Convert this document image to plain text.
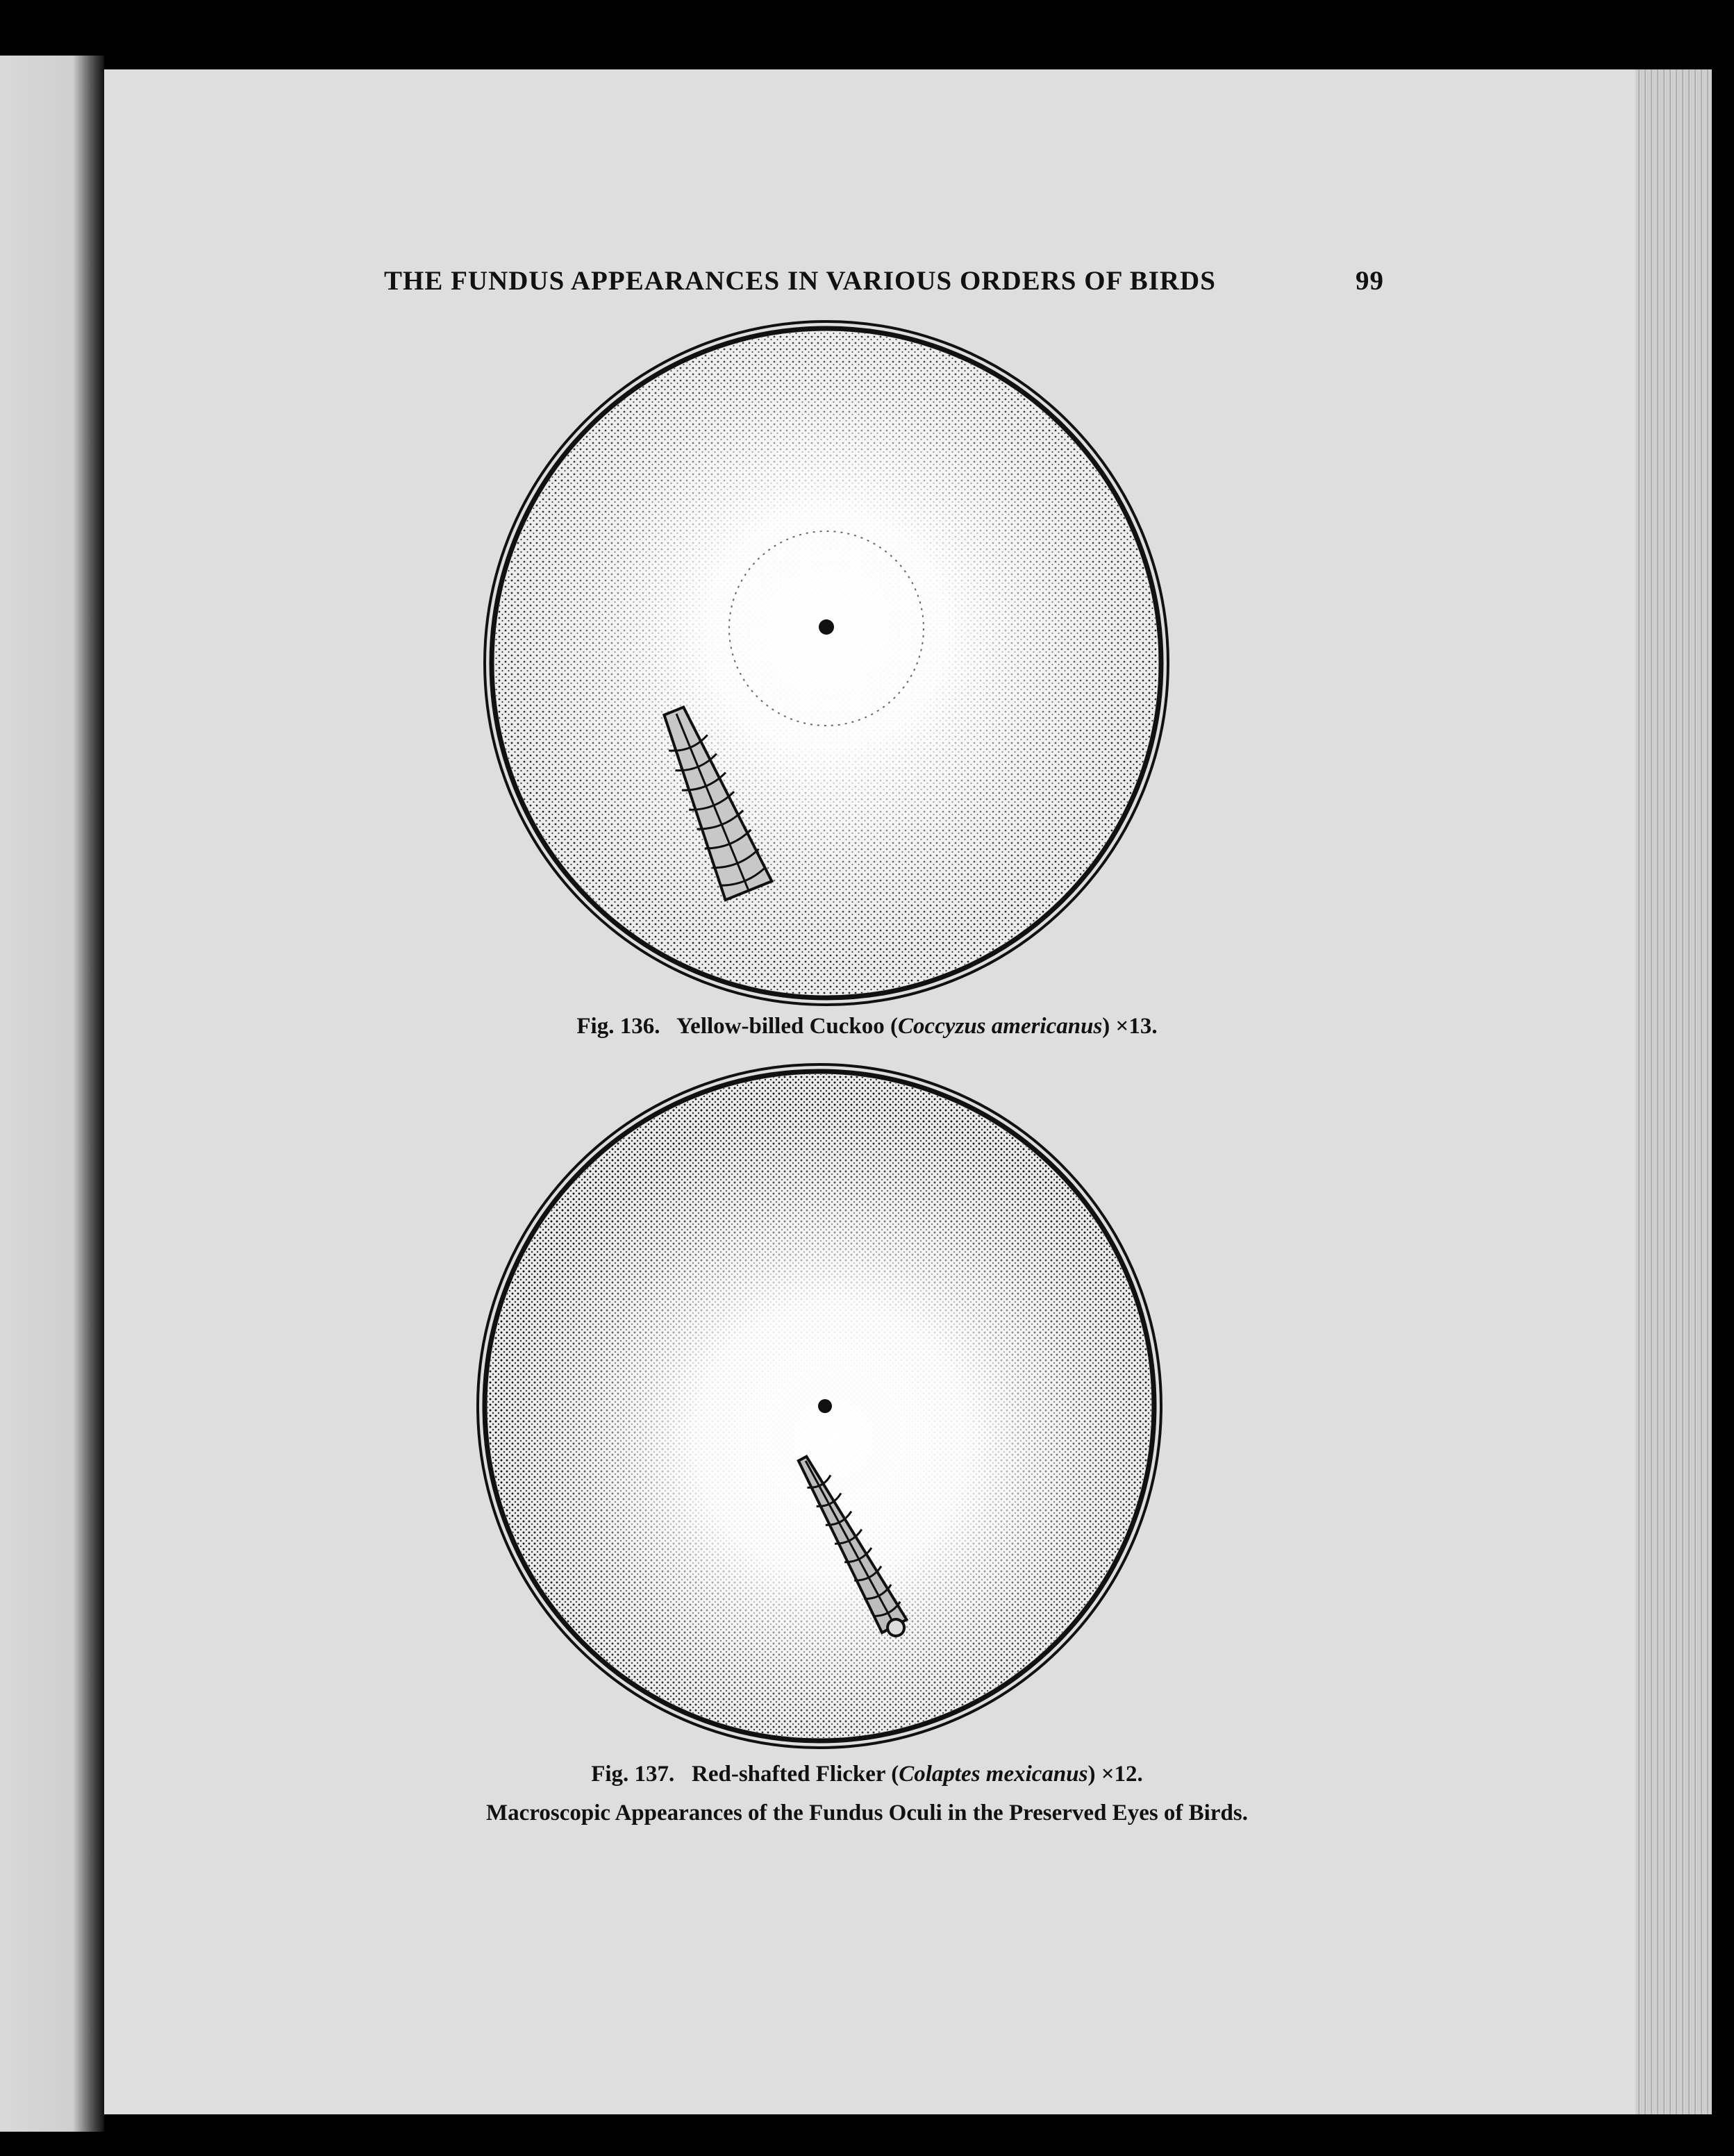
THE FUNDUS APPEARANCES IN VARIOUS ORDERS OF BIRDS	99
Fig. 136. Yellow-billed Cuckoo (Coccyzus americanus) ×13.
Fig. 137. Red-shafted Flicker (Colaptes mexicanus) ×12.
Macroscopic Appearances of the Fundus Oculi in the Preserved Eyes of Birds.
